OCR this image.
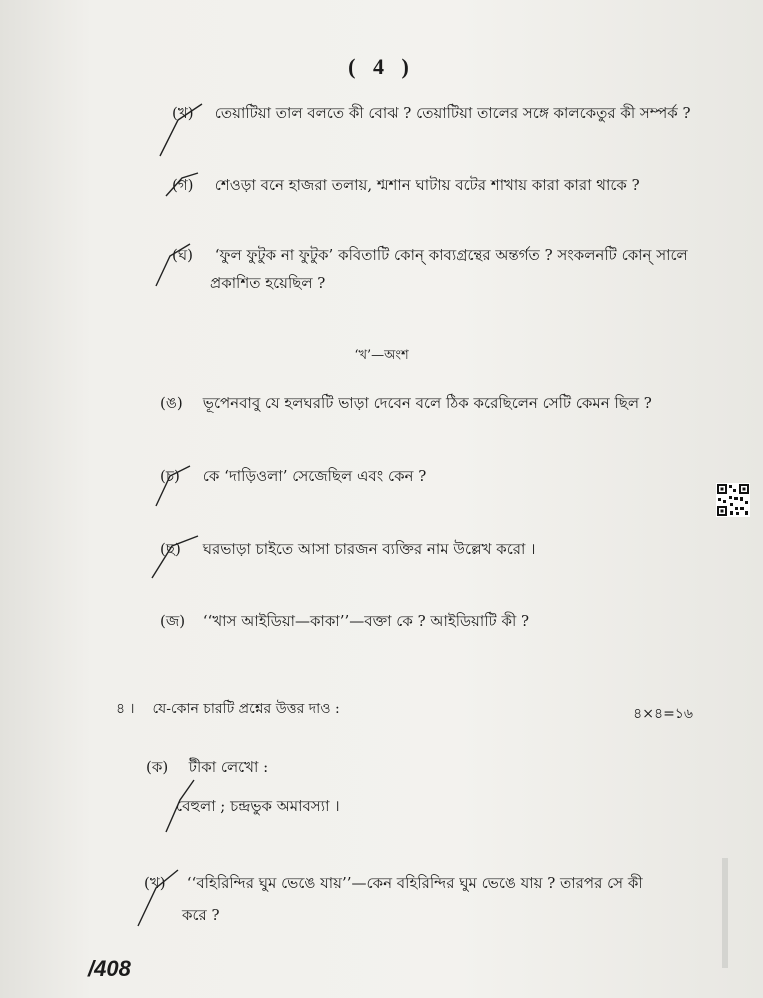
( 4 )
(খ) তেয়াটিয়া তাল বলতে কী বোঝ ? তেয়াটিয়া তালের সঙ্গে কালকেতুর কী সম্পর্ক ?
(গ) শেওড়া বনে হাজরা তলায়, শ্মশান ঘাটায় বটের শাখায় কারা কারা থাকে ?
(ঘ) ‘ফুল ফুটুক না ফুটুক’ কবিতাটি কোন্ কাব্যগ্রন্থের অন্তর্গত ? সংকলনটি কোন্ সালে
প্রকাশিত হয়েছিল ?
‘খ’—অংশ
(ঙ) ভূপেনবাবু যে হলঘরটি ভাড়া দেবেন বলে ঠিক করেছিলেন সেটি কেমন ছিল ?
(চ) কে ‘দাড়িওলা’ সেজেছিল এবং কেন ?
(ছ) ঘরভাড়া চাইতে আসা চারজন ব্যক্তির নাম উল্লেখ করো ।
(জ) ‘‘খাস আইডিয়া—কাকা’’—বক্তা কে ? আইডিয়াটি কী ?
৪ । যে-কোন চারটি প্রশ্নের উত্তর দাও :	৪×৪=১৬
(ক) টীকা লেখো :
বেহুলা ; চন্দ্রভুক অমাবস্যা ।
(খ) ‘‘বহিরিন্দির ঘুম ভেঙে যায়’’—কেন বহিরিন্দির ঘুম ভেঙে যায় ? তারপর সে কী
করে ?
/408
